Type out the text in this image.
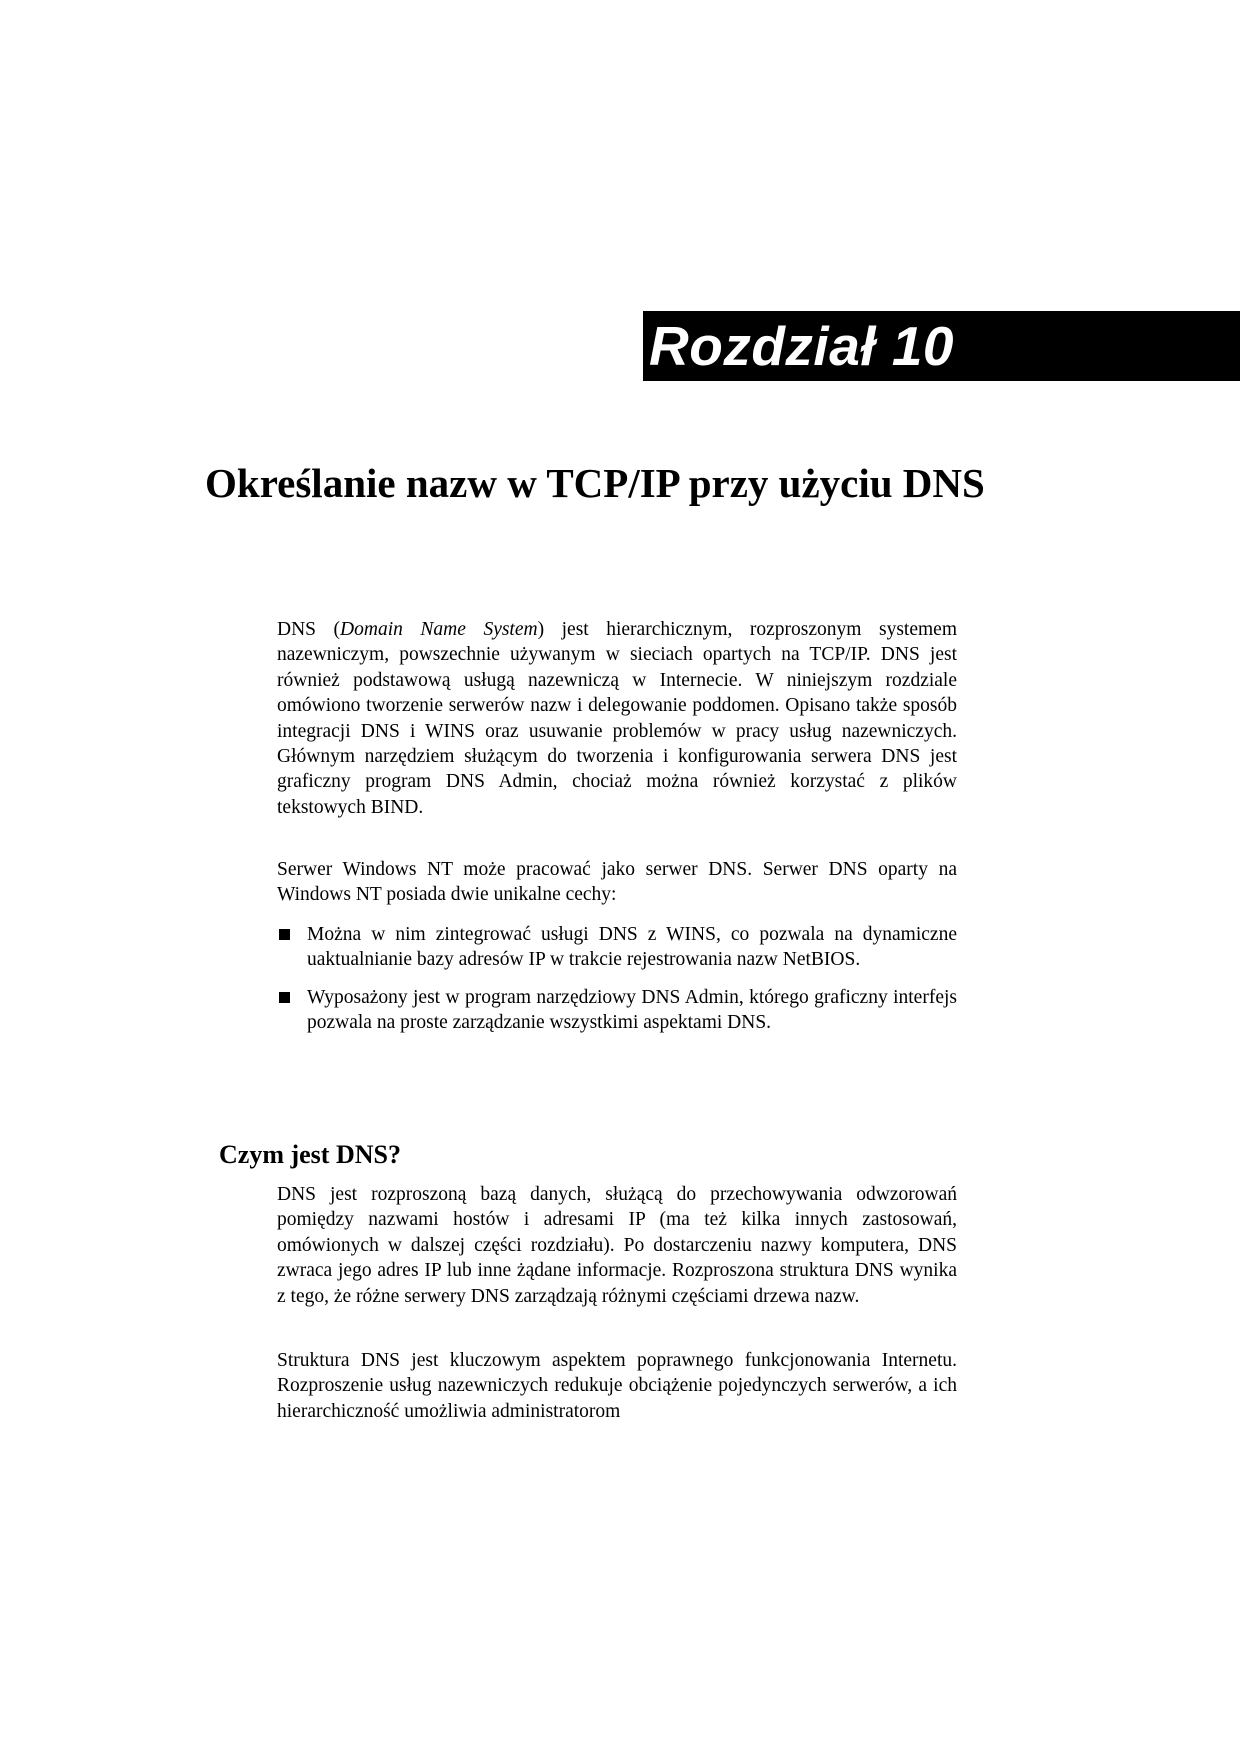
Rozdział 10
Określanie nazw w TCP/IP przy użyciu DNS

DNS (Domain Name System) jest hierarchicznym, rozproszonym systemem nazewniczym, powszechnie używanym w sieciach opartych na TCP/IP. DNS jest również podstawową usługą nazewniczą w Internecie. W niniejszym rozdziale omówiono tworzenie serwerów nazw i delegowanie poddomen. Opisano także sposób integracji DNS i WINS oraz usuwanie problemów w pracy usług nazewniczych. Głównym narzędziem służącym do tworzenia i konfigurowania serwera DNS jest graficzny program DNS Admin, chociaż można również korzystać z plików tekstowych BIND.

Serwer Windows NT może pracować jako serwer DNS. Serwer DNS oparty na Windows NT posiada dwie unikalne cechy:

Można w nim zintegrować usługi DNS z WINS, co pozwala na dynamiczne uaktualnianie bazy adresów IP w trakcie rejestrowania nazw NetBIOS.
Wyposażony jest w program narzędziowy DNS Admin, którego graficzny interfejs pozwala na proste zarządzanie wszystkimi aspektami DNS.
Czym jest DNS?

DNS jest rozproszoną bazą danych, służącą do przechowywania odwzorowań pomiędzy nazwami hostów i adresami IP (ma też kilka innych zastosowań, omówionych w dalszej części rozdziału). Po dostarczeniu nazwy komputera, DNS zwraca jego adres IP lub inne żądane informacje. Rozproszona struktura DNS wynika z tego, że różne serwery DNS zarządzają różnymi częściami drzewa nazw.

Struktura DNS jest kluczowym aspektem poprawnego funkcjonowania Internetu. Rozproszenie usług nazewniczych redukuje obciążenie pojedynczych serwerów, a ich hierarchiczność umożliwia administratorom
